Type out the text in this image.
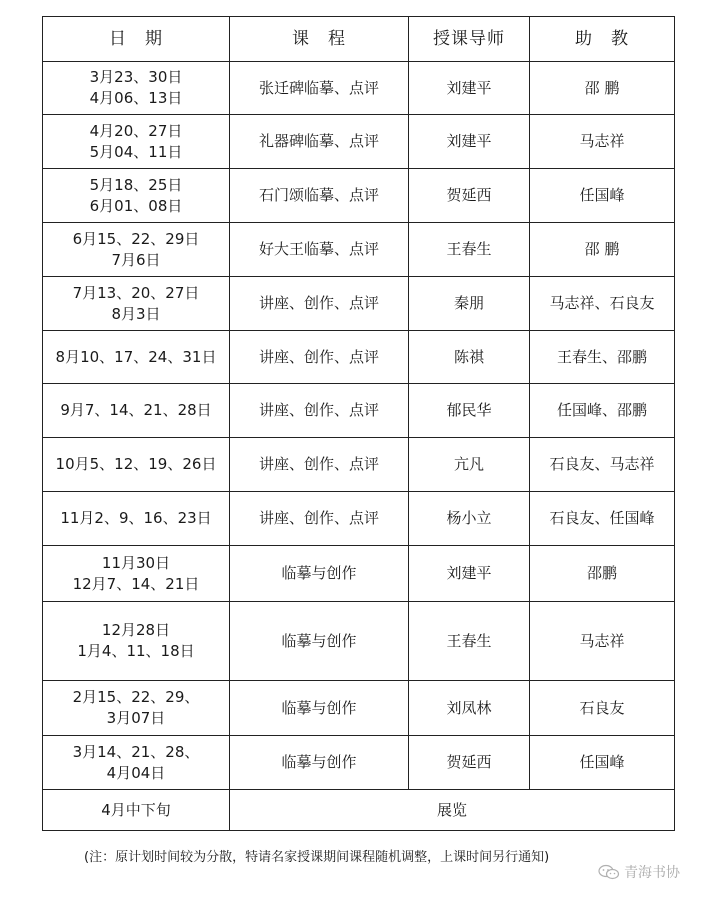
日　期	课　程	授课导师	助　教

3月23、30日
4月06、13日	张迁碑临摹、点评	刘建平	邵 鹏

4月20、27日
5月04、11日	礼器碑临摹、点评	刘建平	马志祥

5月18、25日
6月01、08日	石门颂临摹、点评	贺延西	任国峰

6月15、22、29日
7月6日	好大王临摹、点评	王春生	邵 鹏

7月13、20、27日
8月3日	讲座、创作、点评	秦朋	马志祥、石良友

8月10、17、24、31日	讲座、创作、点评	陈祺	王春生、邵鹏

9月7、14、21、28日	讲座、创作、点评	郁民华	任国峰、邵鹏

10月5、12、19、26日	讲座、创作、点评	亢凡	石良友、马志祥

11月2、9、16、23日	讲座、创作、点评	杨小立	石良友、任国峰

11月30日
12月7、14、21日	临摹与创作	刘建平	邵鹏

12月28日
1月4、11、18日	临摹与创作	王春生	马志祥

2月15、22、29、
3月07日	临摹与创作	刘凤林	石良友

3月14、21、28、
4月04日	临摹与创作	贺延西	任国峰
4月中下旬	展览		
(注：原计划时间较为分散，特请名家授课期间课程随机调整，上课时间另行通知)
青海书协
